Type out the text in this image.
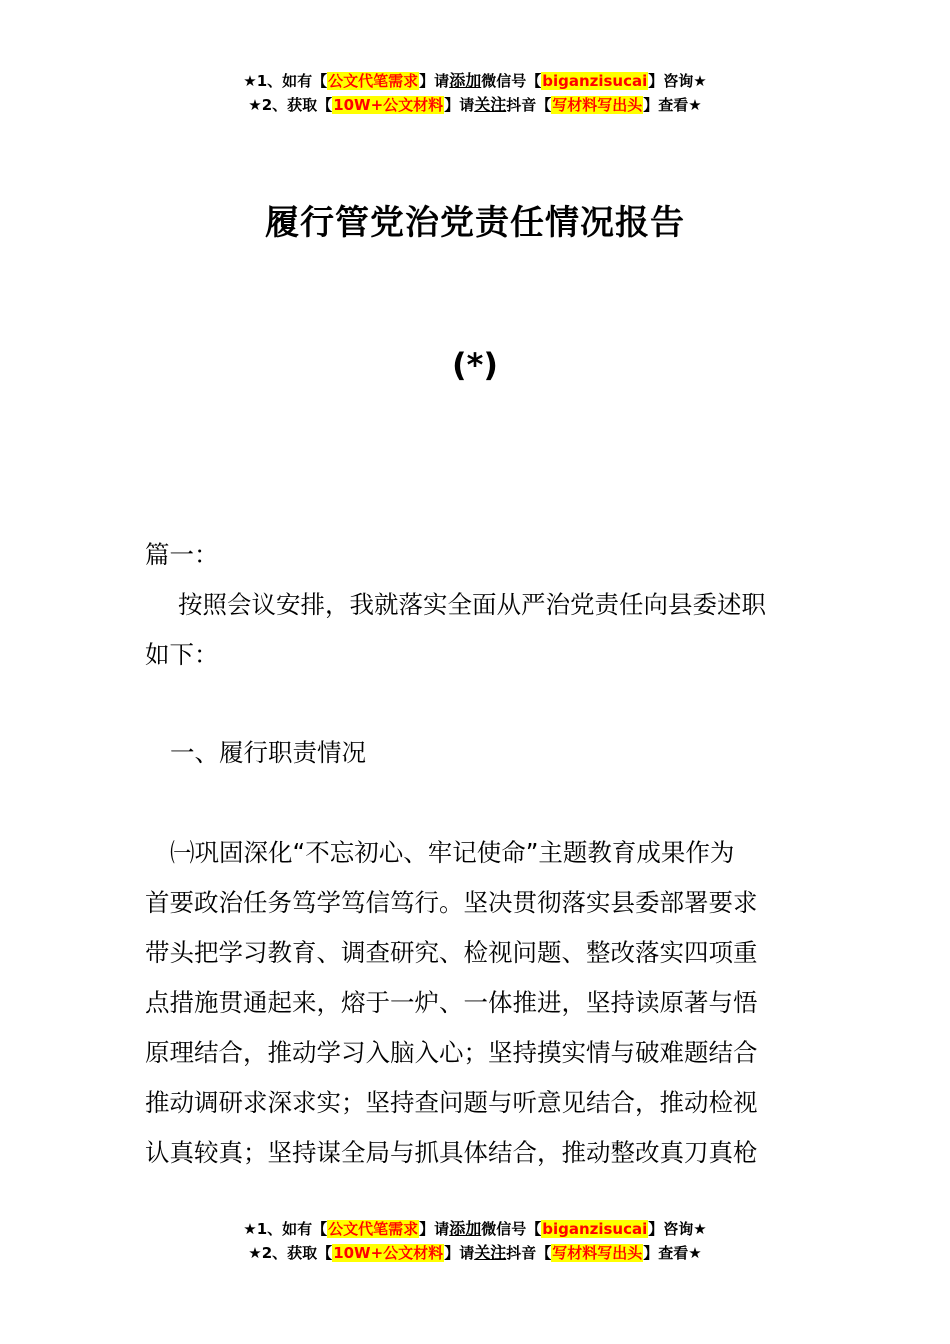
★1、如有【公文代笔需求】请添加微信号【biganzisucai】咨询★
★2、获取【10W+公文材料】请关注抖音【写材料写出头】查看★
履行管党治党责任情况报告
(*)
篇一：
按照会议安排，我就落实全面从严治党责任向县委述职
如下：
一、履行职责情况
㈠巩固深化“不忘初心、牢记使命”主题教育成果作为
首要政治任务笃学笃信笃行。坚决贯彻落实县委部署要求
带头把学习教育、调查研究、检视问题、整改落实四项重
点措施贯通起来，熔于一炉、一体推进，坚持读原著与悟
原理结合，推动学习入脑入心；坚持摸实情与破难题结合
推动调研求深求实；坚持查问题与听意见结合，推动检视
认真较真；坚持谋全局与抓具体结合，推动整改真刀真枪
★1、如有【公文代笔需求】请添加微信号【biganzisucai】咨询★
★2、获取【10W+公文材料】请关注抖音【写材料写出头】查看★
